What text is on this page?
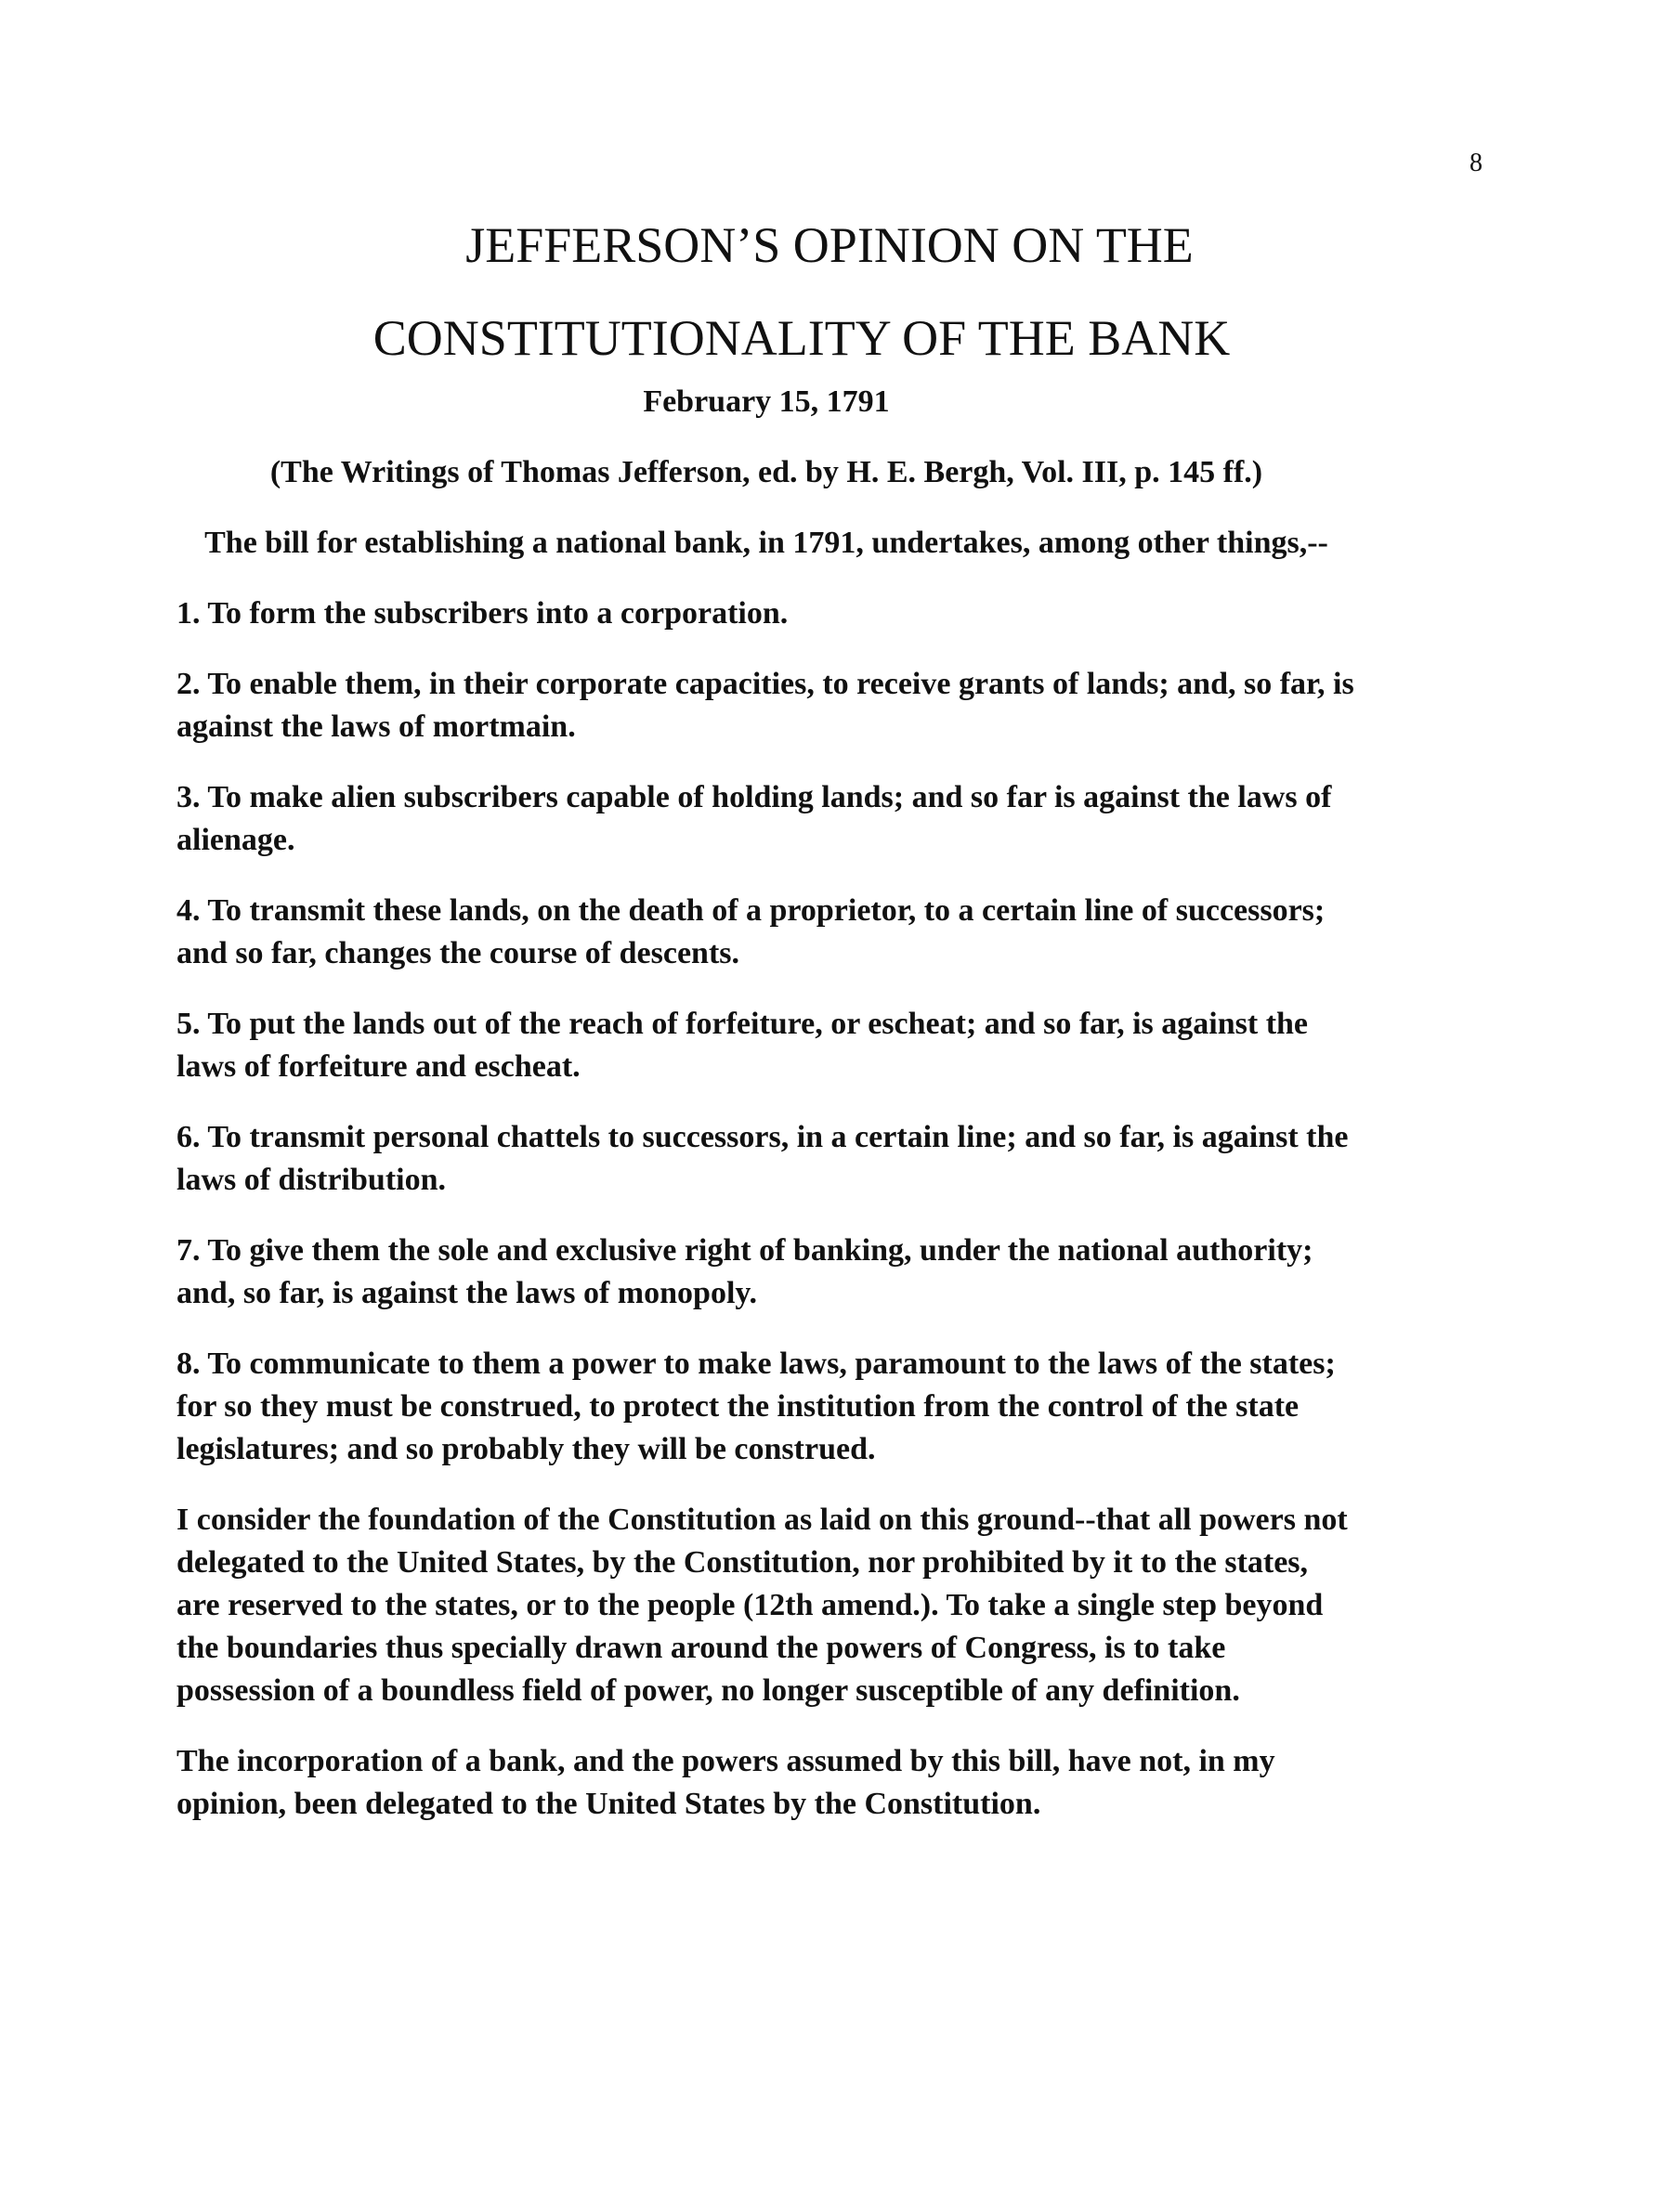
8
JEFFERSON’S OPINION ON THE
CONSTITUTIONALITY OF THE BANK

February 15, 1791

(The Writings of Thomas Jefferson, ed. by H. E. Bergh, Vol. III, p. 145 ff.)

The bill for establishing a national bank, in 1791, undertakes, among other things,--

1. To form the subscribers into a corporation.

2. To enable them, in their corporate capacities, to receive grants of lands; and, so far, is against the laws of mortmain.

3. To make alien subscribers capable of holding lands; and so far is against the laws of alienage.

4. To transmit these lands, on the death of a proprietor, to a certain line of successors; and so far, changes the course of descents.

5. To put the lands out of the reach of forfeiture, or escheat; and so far, is against the laws of forfeiture and escheat.

6. To transmit personal chattels to successors, in a certain line; and so far, is against the laws of distribution.

7. To give them the sole and exclusive right of banking, under the national authority; and, so far, is against the laws of monopoly.

8. To communicate to them a power to make laws, paramount to the laws of the states; for so they must be construed, to protect the institution from the control of the state legislatures; and so probably they will be construed.

I consider the foundation of the Constitution as laid on this ground--that all powers not delegated to the United States, by the Constitution, nor prohibited by it to the states, are reserved to the states, or to the people (12th amend.). To take a single step beyond the boundaries thus specially drawn around the powers of Congress, is to take possession of a boundless field of power, no longer susceptible of any definition.

The incorporation of a bank, and the powers assumed by this bill, have not, in my opinion, been delegated to the United States by the Constitution.
